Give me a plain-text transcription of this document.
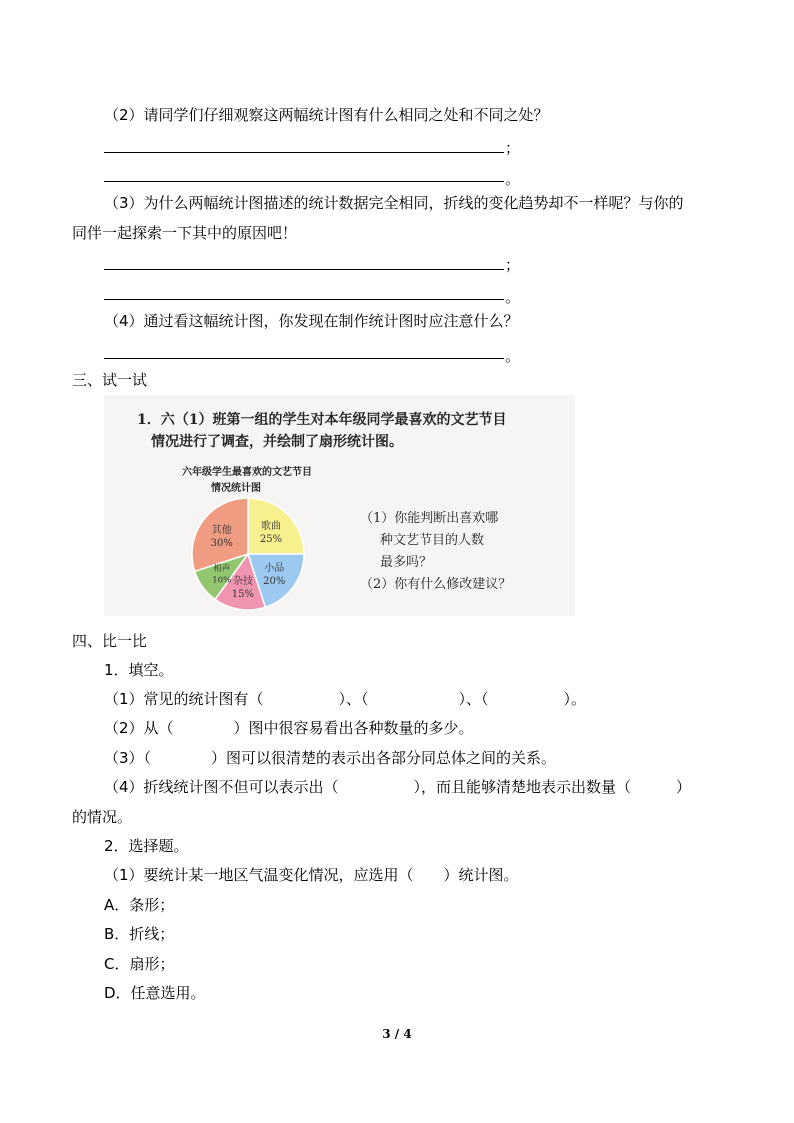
（2）请同学们仔细观察这两幅统计图有什么相同之处和不同之处？
；
。
（3）为什么两幅统计图描述的统计数据完全相同，折线的变化趋势却不一样呢？与你的
同伴一起探索一下其中的原因吧！
；
。
（4）通过看这幅统计图，你发现在制作统计图时应注意什么？
。
三、试一试
1．六（1）班第一组的学生对本年级同学最喜欢的文艺节目
情况进行了调查，并绘制了扇形统计图。
六年级学生最喜欢的文艺节目
情况统计图
歌曲
25%
小品
20%
杂技
15%
相声
10%
其他
30%
（1）你能判断出喜欢哪
种文艺节目的人数
最多吗？
（2）你有什么修改建议？
四、比一比
1．填空。
（1）常见的统计图有（　　　　　）、（　　　　　　）、（　　　　　）。
（2）从（　　　　）图中很容易看出各种数量的多少。
（3）（　　　　）图可以很清楚的表示出各部分同总体之间的关系。
（4）折线统计图不但可以表示出（　　　　　），而且能够清楚地表示出数量（　　　）
的情况。
2．选择题。
（1）要统计某一地区气温变化情况，应选用（　　）统计图。
A．条形；
B．折线；
C．扇形；
D．任意选用。
3 / 4
